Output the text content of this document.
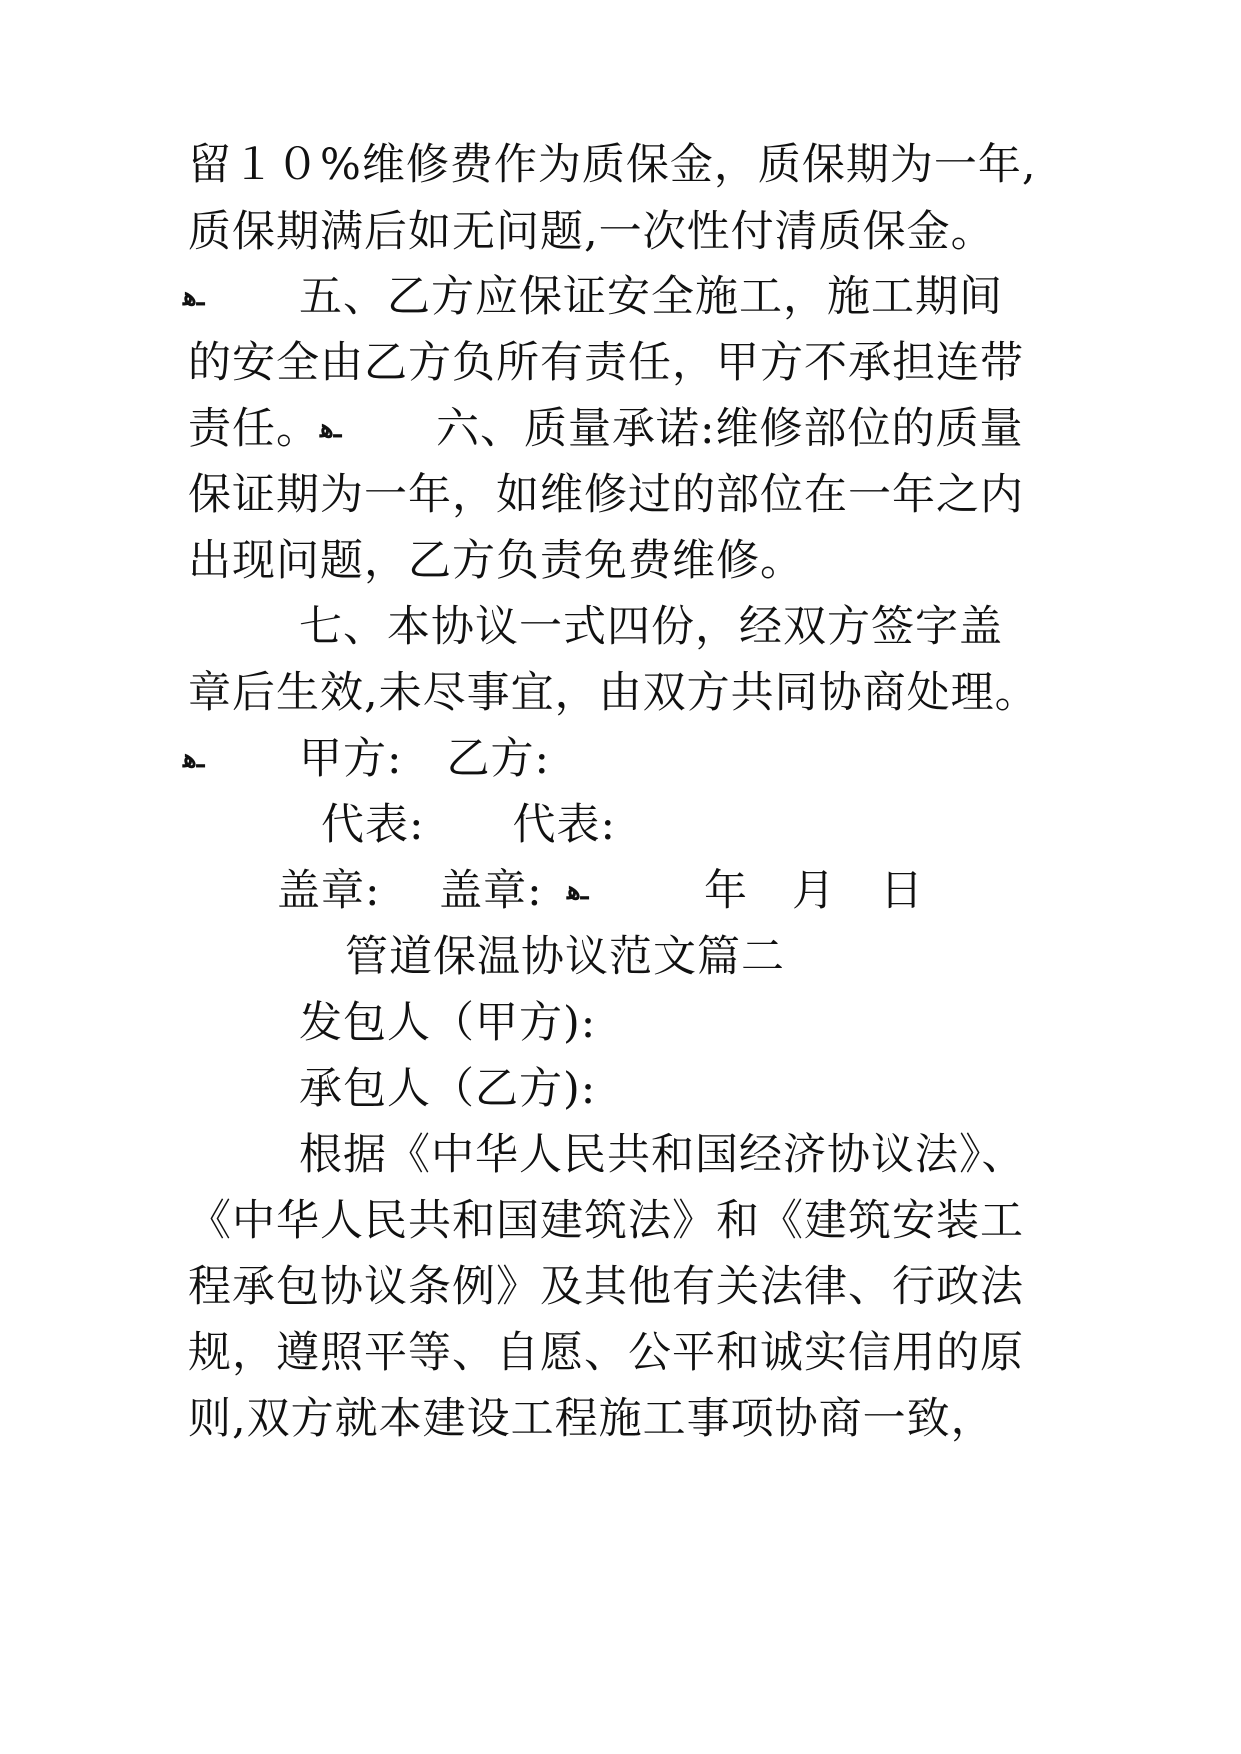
留１０%维修费作为质保金，质保期为一年,
质保期满后如无问题,一次性付清质保金。
ـﻫ 五、乙方应保证安全施工，施工期间
的安全由乙方负所有责任，甲方不承担连带
责任。 ـﻫ 六、质量承诺:维修部位的质量
保证期为一年，如维修过的部位在一年之内
出现问题，乙方负责免费维修。
七、本协议一式四份，经双方签字盖
章后生效,未尽事宜，由双方共同协商处理。
ـﻫ 甲方:　乙方:
代表:　　代表:
盖章:　 盖章: ـﻫ	年　月　日
管道保温协议范文篇二
发包人（甲方):
承包人（乙方):
根据《中华人民共和国经济协议法》、
《中华人民共和国建筑法》和《建筑安装工
程承包协议条例》及其他有关法律、行政法
规，遵照平等、自愿、公平和诚实信用的原
则,双方就本建设工程施工事项协商一致，
